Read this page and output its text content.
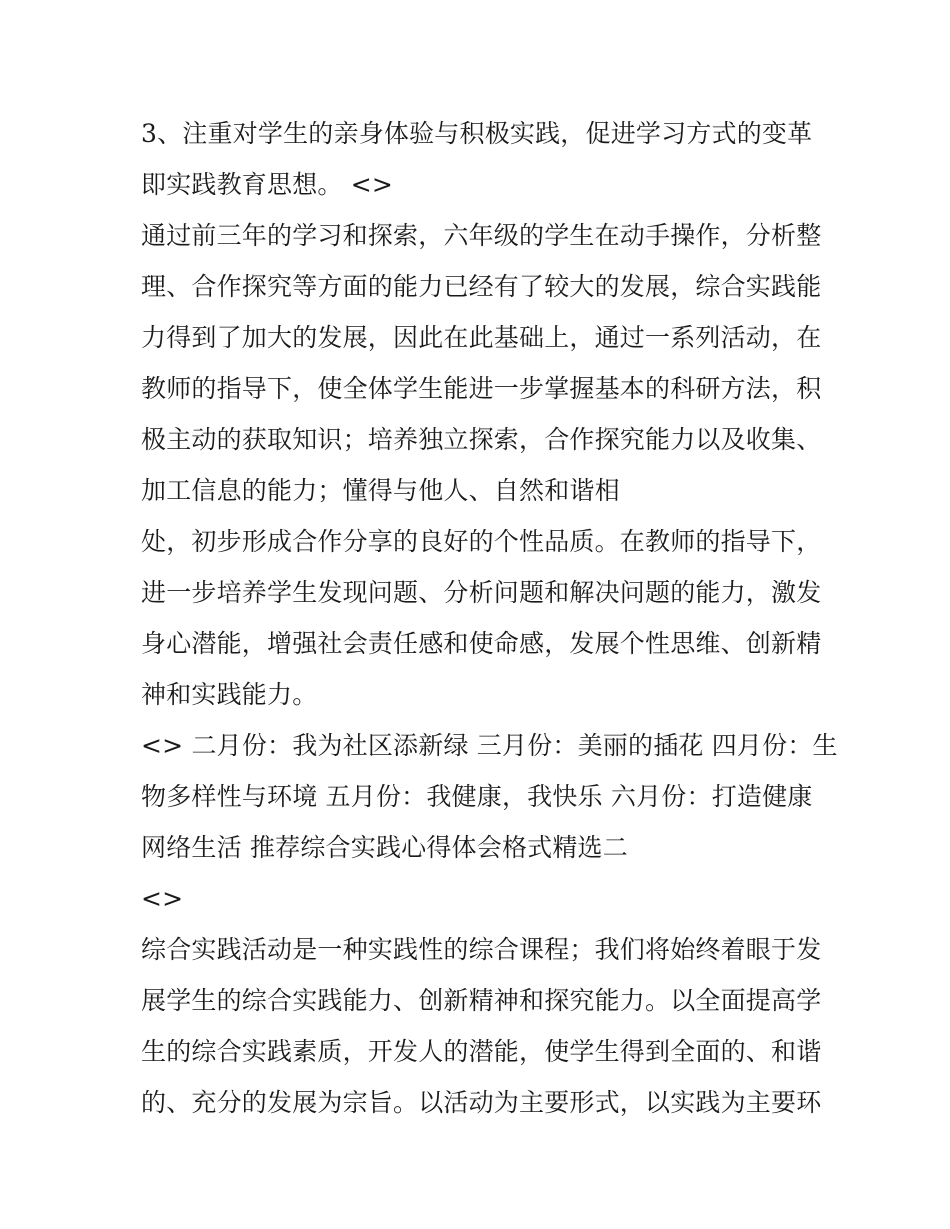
3、注重对学生的亲身体验与积极实践，促进学习方式的变革
即实践教育思想。 <>
通过前三年的学习和探索，六年级的学生在动手操作，分析整
理、合作探究等方面的能力已经有了较大的发展，综合实践能
力得到了加大的发展，因此在此基础上，通过一系列活动，在
教师的指导下，使全体学生能进一步掌握基本的科研方法，积
极主动的获取知识；培养独立探索，合作探究能力以及收集、
加工信息的能力；懂得与他人、自然和谐相
处，初步形成合作分享的良好的个性品质。在教师的指导下，
进一步培养学生发现问题、分析问题和解决问题的能力，激发
身心潜能，增强社会责任感和使命感，发展个性思维、创新精
神和实践能力。
<> 二月份：我为社区添新绿 三月份：美丽的插花 四月份：生
物多样性与环境 五月份：我健康，我快乐 六月份：打造健康
网络生活 推荐综合实践心得体会格式精选二
<>
综合实践活动是一种实践性的综合课程；我们将始终着眼于发
展学生的综合实践能力、创新精神和探究能力。以全面提高学
生的综合实践素质，开发人的潜能，使学生得到全面的、和谐
的、充分的发展为宗旨。以活动为主要形式，以实践为主要环
